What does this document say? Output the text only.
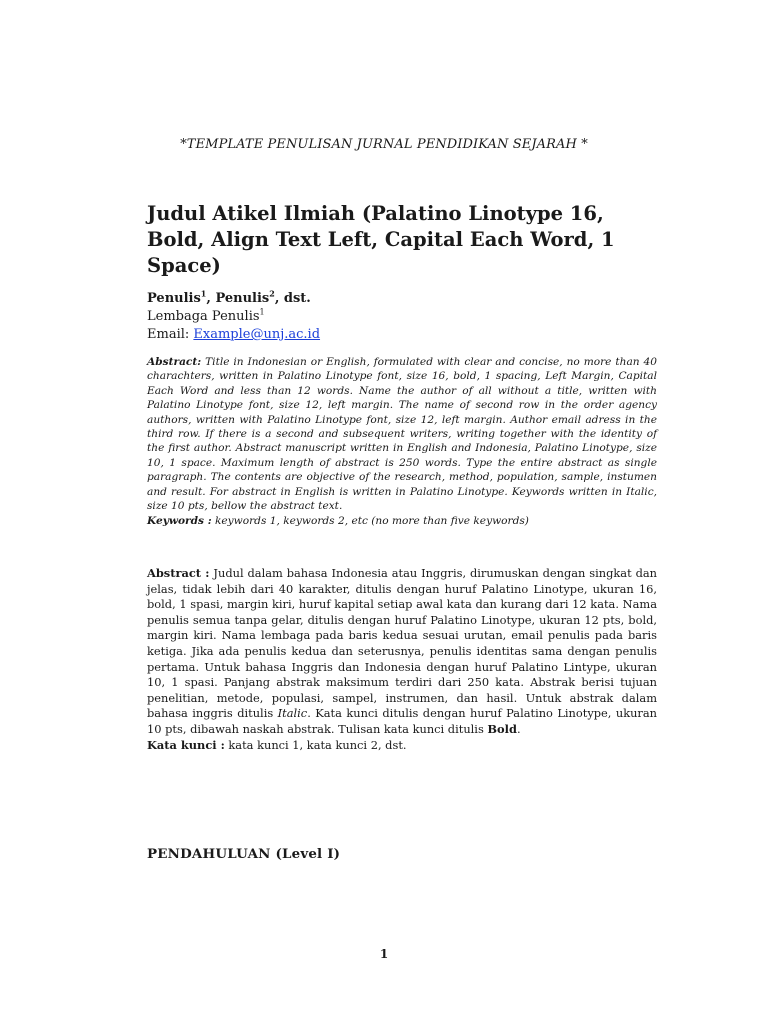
*TEMPLATE PENULISAN JURNAL PENDIDIKAN SEJARAH *
Judul Atikel Ilmiah (Palatino Linotype 16, Bold, Align Text Left, Capital Each Word, 1 Space)
Penulis$^1$, Penulis$^2$, dst.
Lembaga Penulis$^1$
Email: Example@unj.ac.id

Abstract: Title in Indonesian or English, formulated with clear and concise, no more than 40 charachters, written in Palatino Linotype font, size 16, bold, 1 spacing, Left Margin, Capital Each Word and less than 12 words. Name the author of all without a title, written with Palatino Linotype font, size 12, left margin. The name of second row in the order agency authors, written with Palatino Linotype font, size 12, left margin. Author email adress in the third row. If there is a second and subsequent writers, writing together with the identity of the first author. Abstract manuscript written in English and Indonesia, Palatino Linotype, size 10, 1 space. Maximum length of abstract is 250 words. Type the entire abstract as single paragraph. The contents are objective of the research, method, population, sample, instumen and result. For abstract in English is written in Palatino Linotype. Keywords written in Italic, size 10 pts, bellow the abstract text.

Keywords : keywords 1, keywords 2, etc (no more than five keywords)

Abstract : Judul dalam bahasa Indonesia atau Inggris, dirumuskan dengan singkat dan jelas, tidak lebih dari 40 karakter, ditulis dengan huruf Palatino Linotype, ukuran 16, bold, 1 spasi, margin kiri, huruf kapital setiap awal kata dan kurang dari 12 kata. Nama penulis semua tanpa gelar, ditulis dengan huruf Palatino Linotype, ukuran 12 pts, bold, margin kiri. Nama lembaga pada baris kedua sesuai urutan, email penulis pada baris ketiga. Jika ada penulis kedua dan seterusnya, penulis identitas sama dengan penulis pertama. Untuk bahasa Inggris dan Indonesia dengan huruf Palatino Lintype, ukuran 10, 1 spasi. Panjang abstrak maksimum terdiri dari 250 kata. Abstrak berisi tujuan penelitian, metode, populasi, sampel, instrumen, dan hasil. Untuk abstrak dalam bahasa inggris ditulis Italic. Kata kunci ditulis dengan huruf Palatino Linotype, ukuran 10 pts, dibawah naskah abstrak. Tulisan kata kunci ditulis Bold.

Kata kunci : kata kunci 1, kata kunci 2, dst.
PENDAHULUAN (Level I)
1
